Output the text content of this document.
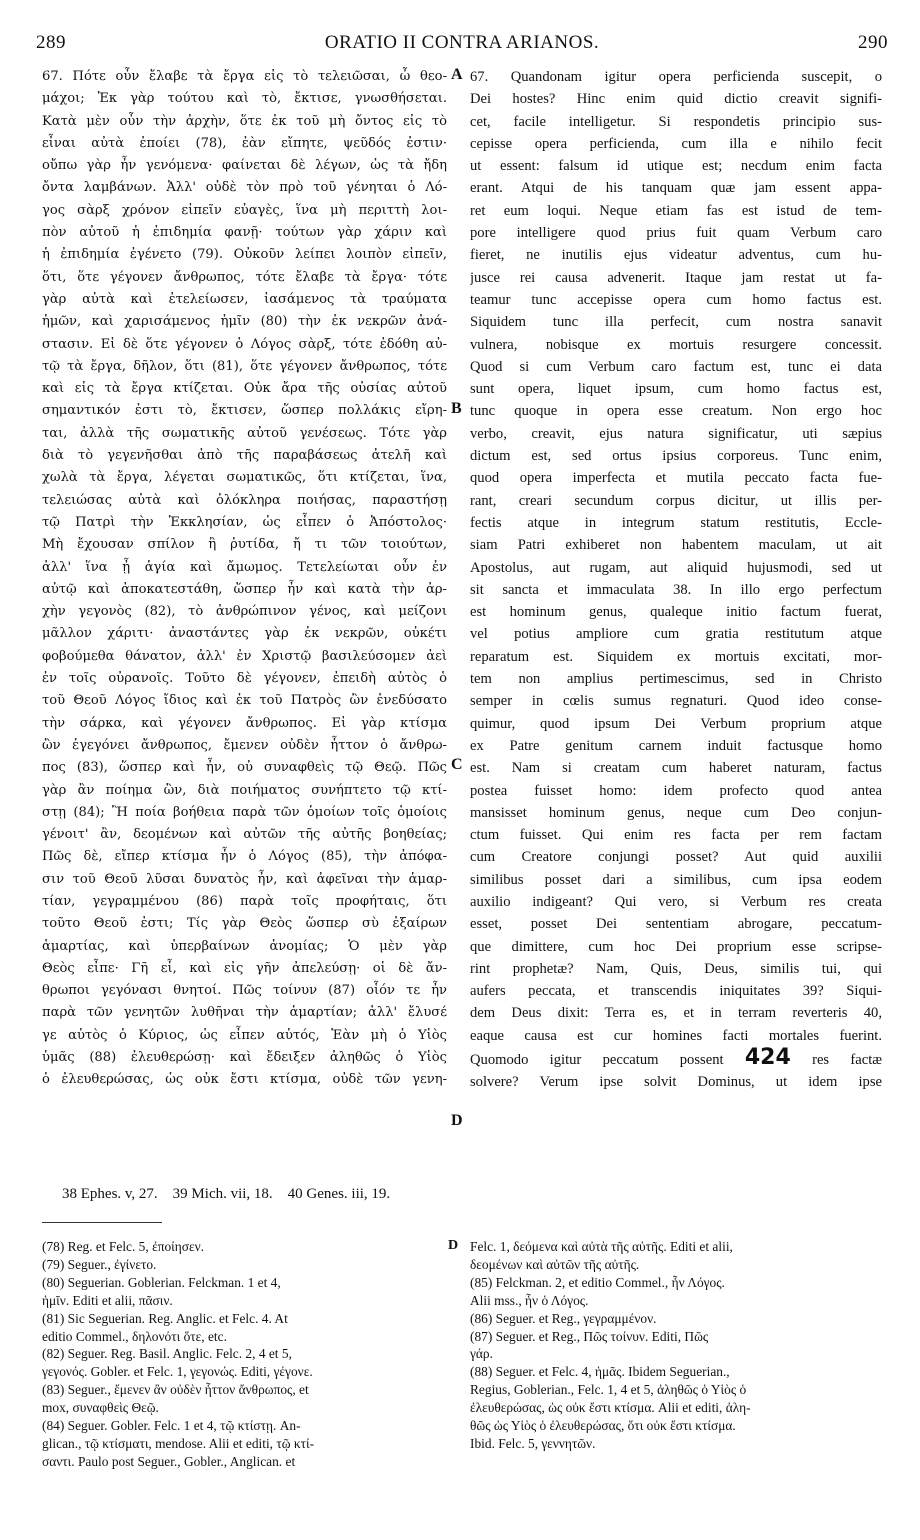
289	ORATIO II CONTRA ARIANOS.	290
67. Πότε οὖν ἔλαβε τὰ ἔργα εἰς τὸ τελειῶσαι, ὦ θεο-
μάχοι; Ἐκ γὰρ τούτου καὶ τὸ, ἔκτισε, γνωσθήσεται.
Κατὰ μὲν οὖν τὴν ἀρχὴν, ὅτε ἐκ τοῦ μὴ ὄντος εἰς τὸ
εἶναι αὐτὰ ἐποίει (78), ἐὰν εἴπητε, ψεῦδός ἐστιν·
οὔπω γὰρ ἦν γενόμενα· φαίνεται δὲ λέγων, ὡς τὰ ἤδη
ὄντα λαμβάνων. Ἀλλ' οὐδὲ τὸν πρὸ τοῦ γένηται ὁ Λό-
γος σὰρξ χρόνον εἰπεῖν εὐαγὲς, ἵνα μὴ περιττὴ λοι-
πὸν αὐτοῦ ἡ ἐπιδημία φανῇ· τούτων γὰρ χάριν καὶ
ἡ ἐπιδημία ἐγένετο (79). Οὐκοῦν λείπει λοιπὸν εἰπεῖν,
ὅτι, ὅτε γέγονεν ἄνθρωπος, τότε ἔλαβε τὰ ἔργα· τότε
γὰρ αὐτὰ καὶ ἐτελείωσεν, ἰασάμενος τὰ τραύματα
ἡμῶν, καὶ χαρισάμενος ἡμῖν (80) τὴν ἐκ νεκρῶν ἀνά-
στασιν. Εἰ δὲ ὅτε γέγονεν ὁ Λόγος σὰρξ, τότε ἐδόθη αὐ-
τῷ τὰ ἔργα, δῆλον, ὅτι (81), ὅτε γέγονεν ἄνθρωπος, τότε
καὶ εἰς τὰ ἔργα κτίζεται. Οὐκ ἄρα τῆς οὐσίας αὐτοῦ
σημαντικόν ἐστι τὸ, ἔκτισεν, ὥσπερ πολλάκις εἴρη-
ται, ἀλλὰ τῆς σωματικῆς αὐτοῦ γενέσεως. Τότε γὰρ
διὰ τὸ γεγενῆσθαι ἀπὸ τῆς παραβάσεως ἀτελῆ καὶ
χωλὰ τὰ ἔργα, λέγεται σωματικῶς, ὅτι κτίζεται, ἵνα,
τελειώσας αὐτὰ καὶ ὁλόκληρα ποιήσας, παραστήσῃ
τῷ Πατρὶ τὴν Ἐκκλησίαν, ὡς εἶπεν ὁ Ἀπόστολος·
Μὴ ἔχουσαν σπίλον ἢ ῥυτίδα, ἤ τι τῶν τοιούτων,
ἀλλ' ἵνα ᾖ ἁγία καὶ ἄμωμος. Τετελείωται οὖν ἐν
αὐτῷ καὶ ἀποκατεστάθη, ὥσπερ ἦν καὶ κατὰ τὴν ἀρ-
χὴν γεγονὸς (82), τὸ ἀνθρώπινον γένος, καὶ μείζονι
μᾶλλον χάριτι· ἀναστάντες γὰρ ἐκ νεκρῶν, οὐκέτι
φοβούμεθα θάνατον, ἀλλ' ἐν Χριστῷ βασιλεύσομεν ἀεὶ
ἐν τοῖς οὐρανοῖς. Τοῦτο δὲ γέγονεν, ἐπειδὴ αὐτὸς ὁ
τοῦ Θεοῦ Λόγος ἴδιος καὶ ἐκ τοῦ Πατρὸς ὢν ἐνεδύσατο
τὴν σάρκα, καὶ γέγονεν ἄνθρωπος. Εἰ γὰρ κτίσμα
ὢν ἐγεγόνει ἄνθρωπος, ἔμενεν οὐδὲν ἧττον ὁ ἄνθρω-
πος (83), ὥσπερ καὶ ἦν, οὐ συναφθεὶς τῷ Θεῷ. Πῶς
γὰρ ἂν ποίημα ὢν, διὰ ποιήματος συνήπτετο τῷ κτί-
στῃ (84); Ἢ ποία βοήθεια παρὰ τῶν ὁμοίων τοῖς ὁμοίοις
γένοιτ' ἂν, δεομένων καὶ αὐτῶν τῆς αὐτῆς βοηθείας;
Πῶς δὲ, εἴπερ κτίσμα ἦν ὁ Λόγος (85), τὴν ἀπόφα-
σιν τοῦ Θεοῦ λῦσαι δυνατὸς ἦν, καὶ ἀφεῖναι τὴν ἁμαρ-
τίαν, γεγραμμένου (86) παρὰ τοῖς προφήταις, ὅτι
τοῦτο Θεοῦ ἐστι; Τίς γὰρ Θεὸς ὥσπερ σὺ ἐξαίρων
ἁμαρτίας, καὶ ὑπερβαίνων ἀνομίας; Ὁ μὲν γὰρ
Θεὸς εἶπε· Γῆ εἶ, καὶ εἰς γῆν ἀπελεύσῃ· οἱ δὲ ἄν-
θρωποι γεγόνασι θνητοί. Πῶς τοίνυν (87) οἷόν τε ἦν
παρὰ τῶν γενητῶν λυθῆναι τὴν ἁμαρτίαν; ἀλλ' ἔλυσέ
γε αὐτὸς ὁ Κύριος, ὡς εἶπεν αὐτός, Ἐὰν μὴ ὁ Υἱὸς
ὑμᾶς (88) ἐλευθερώσῃ· καὶ ἔδειξεν ἀληθῶς ὁ Υἱὸς
ὁ ἐλευθερώσας, ὡς οὐκ ἔστι κτίσμα, οὐδὲ τῶν γενη-
A
B
C
D
67. Quandonam igitur opera perficienda suscepit, o
Dei hostes? Hinc enim quid dictio creavit signifi-
cet, facile intelligetur. Si respondetis principio sus-
cepisse opera perficienda, cum illa e nihilo fecit
ut essent: falsum id utique est; necdum enim facta
erant. Atqui de his tanquam quæ jam essent appa-
ret eum loqui. Neque etiam fas est istud de tem-
pore intelligere quod prius fuit quam Verbum caro
fieret, ne inutilis ejus videatur adventus, cum hu-
jusce rei causa advenerit. Itaque jam restat ut fa-
teamur tunc accepisse opera cum homo factus est.
Siquidem tunc illa perfecit, cum nostra sanavit
vulnera, nobisque ex mortuis resurgere concessit.
Quod si cum Verbum caro factum est, tunc ei data
sunt opera, liquet ipsum, cum homo factus est,
tunc quoque in opera esse creatum. Non ergo hoc
verbo, creavit, ejus natura significatur, uti sæpius
dictum est, sed ortus ipsius corporeus. Tunc enim,
quod opera imperfecta et mutila peccato facta fue-
rant, creari secundum corpus dicitur, ut illis per-
fectis atque in integrum statum restitutis, Eccle-
siam Patri exhiberet non habentem maculam, ut ait
Apostolus, aut rugam, aut aliquid hujusmodi, sed ut
sit sancta et immaculata 38. In illo ergo perfectum
est hominum genus, qualeque initio factum fuerat,
vel potius ampliore cum gratia restitutum atque
reparatum est. Siquidem ex mortuis excitati, mor-
tem non amplius pertimescimus, sed in Christo
semper in cœlis sumus regnaturi. Quod ideo conse-
quimur, quod ipsum Dei Verbum proprium atque
ex Patre genitum carnem induit factusque homo
est. Nam si creatam cum haberet naturam, factus
postea fuisset homo: idem profecto quod antea
mansisset hominum genus, neque cum Deo conjun-
ctum fuisset. Qui enim res facta per rem factam
cum Creatore conjungi posset? Aut quid auxilii
similibus posset dari a similibus, cum ipsa eodem
auxilio indigeant? Qui vero, si Verbum res creata
esset, posset Dei sententiam abrogare, peccatum-
que dimittere, cum hoc Dei proprium esse scripse-
rint prophetæ? Nam, Quis, Deus, similis tui, qui
aufers peccata, et transcendis iniquitates 39? Siqui-
dem Deus dixit: Terra es, et in terram reverteris 40,
eaque causa est cur homines facti mortales fuerint.
Quomodo igitur peccatum possent 424 res factæ
solvere? Verum ipse solvit Dominus, ut idem ipse
38 Ephes. v, 27.    39 Mich. vii, 18.    40 Genes. iii, 19.
(78) Reg. et Felc. 5, ἐποίησεν.
(79) Seguer., ἐγίνετο.
(80) Seguerian. Goblerian. Felckman. 1 et 4,
ἡμῖν. Editi et alii, πᾶσιν.
(81) Sic Seguerian. Reg. Anglic. et Felc. 4. At
editio Commel., δηλονότι ὅτε, etc.
(82) Seguer. Reg. Basil. Anglic. Felc. 2, 4 et 5,
γεγονός. Gobler. et Felc. 1, γεγονώς. Editi, γέγονε.
(83) Seguer., ἔμενεν ἂν οὐδὲν ἧττον ἄνθρωπος, et
mox, συναφθεὶς Θεῷ.
(84) Seguer. Gobler. Felc. 1 et 4, τῷ κτίστῃ. An-
glican., τῷ κτίσματι, mendose. Alii et editi, τῷ κτί-
σαντι. Paulo post Seguer., Gobler., Anglican. et
D Felc. 1, δεόμενα καὶ αὐτὰ τῆς αὐτῆς. Editi et alii,
δεομένων καὶ αὐτῶν τῆς αὐτῆς.
(85) Felckman. 2, et editio Commel., ἦν Λόγος.
Alii mss., ἦν ὁ Λόγος.
(86) Seguer. et Reg., γεγραμμένον.
(87) Seguer. et Reg., Πῶς τοίνυν. Editi, Πῶς
γάρ.
(88) Seguer. et Felc. 4, ἡμᾶς. Ibidem Seguerian.,
Regius, Goblerian., Felc. 1, 4 et 5, ἀληθῶς ὁ Υἱὸς ὁ
ἐλευθερώσας, ὡς οὐκ ἔστι κτίσμα. Alii et editi, ἀλη-
θῶς ὡς Υἱὸς ὁ ἐλευθερώσας, ὅτι οὐκ ἔστι κτίσμα.
Ibid. Felc. 5, γεννητῶν.
